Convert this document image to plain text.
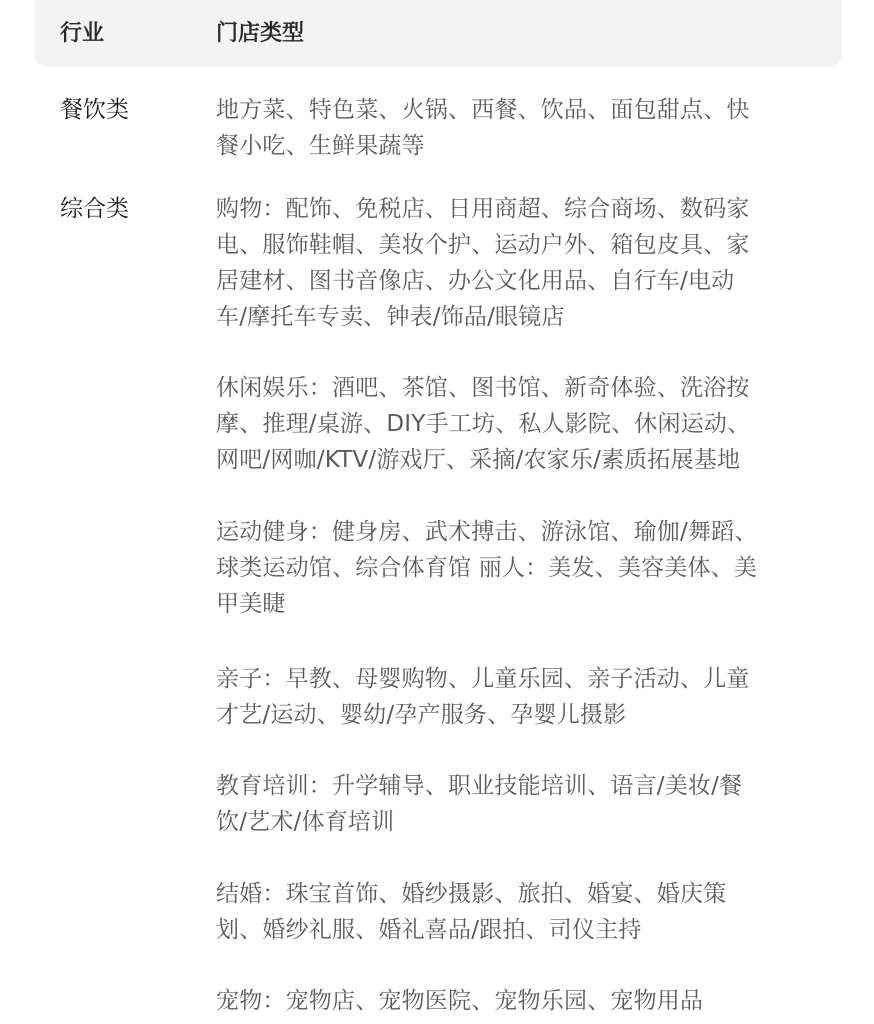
行业	门店类型
餐饮类	地方菜、特色菜、火锅、西餐、饮品、面包甜点、快
餐小吃、生鲜果蔬等
综合类	购物：配饰、免税店、日用商超、综合商场、数码家
电、服饰鞋帽、美妆个护、运动户外、箱包皮具、家
居建材、图书音像店、办公文化用品、自行车/电动
车/摩托车专卖、钟表/饰品/眼镜店
休闲娱乐：酒吧、茶馆、图书馆、新奇体验、洗浴按
摩、推理/桌游、DIY手工坊、私人影院、休闲运动、
网吧/网咖/KTV/游戏厅、采摘/农家乐/素质拓展基地
运动健身：健身房、武术搏击、游泳馆、瑜伽/舞蹈、
球类运动馆、综合体育馆 丽人：美发、美容美体、美
甲美睫
亲子：早教、母婴购物、儿童乐园、亲子活动、儿童
才艺/运动、婴幼/孕产服务、孕婴儿摄影
教育培训：升学辅导、职业技能培训、语言/美妆/餐
饮/艺术/体育培训
结婚：珠宝首饰、婚纱摄影、旅拍、婚宴、婚庆策
划、婚纱礼服、婚礼喜品/跟拍、司仪主持
宠物：宠物店、宠物医院、宠物乐园、宠物用品
